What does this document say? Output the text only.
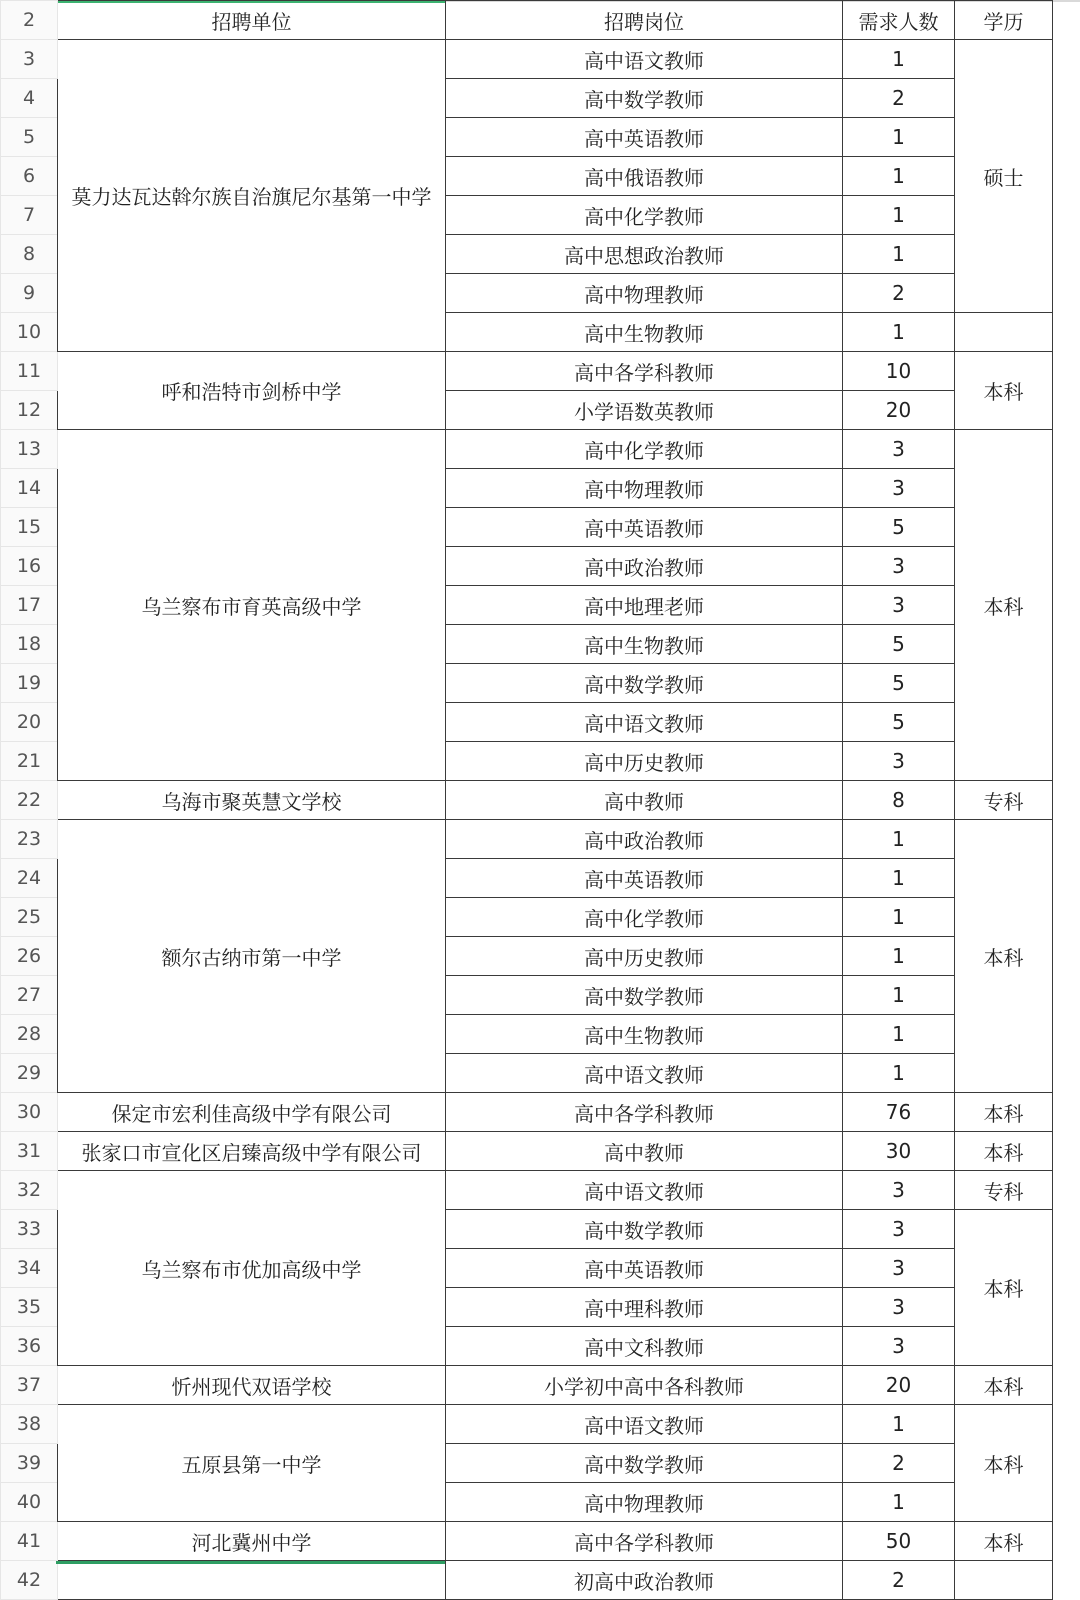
2	招聘单位	招聘岗位	需求人数	学历
3	莫力达瓦达斡尔族自治旗尼尔基第一中学	高中语文教师	1	硕士
4		高中数学教师	2	
5		高中英语教师	1	
6		高中俄语教师	1	
7		高中化学教师	1	
8		高中思想政治教师	1	
9		高中物理教师	2	
10		高中生物教师	1	
11	呼和浩特市剑桥中学	高中各学科教师	10	本科
12		小学语数英教师	20	
13	乌兰察布市育英高级中学	高中化学教师	3	本科
14		高中物理教师	3	
15		高中英语教师	5	
16		高中政治教师	3	
17		高中地理老师	3	
18		高中生物教师	5	
19		高中数学教师	5	
20		高中语文教师	5	
21		高中历史教师	3	
22	乌海市聚英慧文学校	高中教师	8	专科
23	额尔古纳市第一中学	高中政治教师	1	本科
24		高中英语教师	1	
25		高中化学教师	1	
26		高中历史教师	1	
27		高中数学教师	1	
28		高中生物教师	1	
29		高中语文教师	1	
30	保定市宏利佳高级中学有限公司	高中各学科教师	76	本科
31	张家口市宣化区启臻高级中学有限公司	高中教师	30	本科
32	乌兰察布市优加高级中学	高中语文教师	3	专科
33		高中数学教师	3	本科
34		高中英语教师	3	
35		高中理科教师	3	
36		高中文科教师	3	
37	忻州现代双语学校	小学初中高中各科教师	20	本科
38	五原县第一中学	高中语文教师	1	本科
39		高中数学教师	2	
40		高中物理教师	1	
41	河北冀州中学	高中各学科教师	50	本科
42		初高中政治教师	2	
